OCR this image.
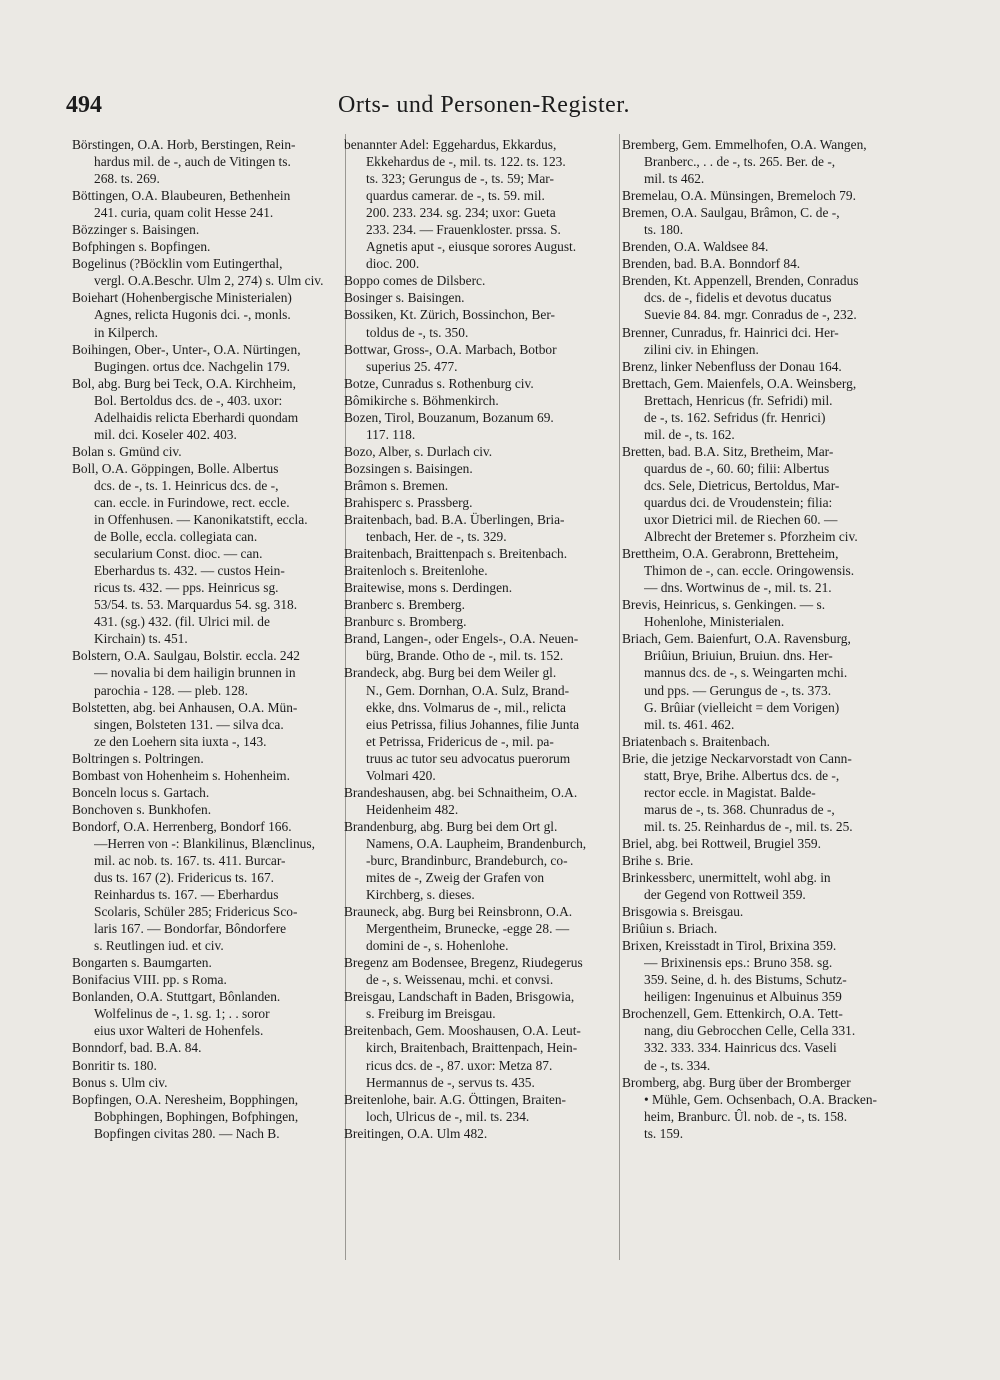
494	Orts- und Personen-Register.
Börstingen, O.A. Horb, Berstingen, Rein-
hardus mil. de -, auch de Vitingen ts.
268. ts. 269.
Böttingen, O.A. Blaubeuren, Bethenhein
241. curia, quam colit Hesse 241.
Bözzinger s. Baisingen.
Bofphingen s. Bopfingen.
Bogelinus (?Böcklin vom Eutingerthal,
vergl. O.A.Beschr. Ulm 2, 274) s. Ulm civ.
Boiehart (Hohenbergische Ministerialen)
Agnes, relicta Hugonis dci. -, monls.
in Kilperch.
Boihingen, Ober-, Unter-, O.A. Nürtingen,
Bugingen. ortus dce. Nachgelin 179.
Bol, abg. Burg bei Teck, O.A. Kirchheim,
Bol. Bertoldus dcs. de -, 403. uxor:
Adelhaidis relicta Eberhardi quondam
mil. dci. Koseler 402. 403.
Bolan s. Gmünd civ.
Boll, O.A. Göppingen, Bolle. Albertus
dcs. de -, ts. 1. Heinricus dcs. de -,
can. eccle. in Furindowe, rect. eccle.
in Offenhusen. — Kanonikatstift, eccla.
de Bolle, eccla. collegiata can.
secularium Const. dioc. — can.
Eberhardus ts. 432. — custos Hein-
ricus ts. 432. — pps. Heinricus sg.
53/54. ts. 53. Marquardus 54. sg. 318.
431. (sg.) 432. (fil. Ulrici mil. de
Kirchain) ts. 451.
Bolstern, O.A. Saulgau, Bolstir. eccla. 242
— novalia bi dem hailigin brunnen in
parochia - 128. — pleb. 128.
Bolstetten, abg. bei Anhausen, O.A. Mün-
singen, Bolsteten 131. — silva dca.
ze den Loehern sita iuxta -, 143.
Boltringen s. Poltringen.
Bombast von Hohenheim s. Hohenheim.
Bonceln locus s. Gartach.
Bonchoven s. Bunkhofen.
Bondorf, O.A. Herrenberg, Bondorf 166.
—Herren von -: Blankilinus, Blænclinus,
mil. ac nob. ts. 167. ts. 411. Burcar-
dus ts. 167 (2). Fridericus ts. 167.
Reinhardus ts. 167. — Eberhardus
Scolaris, Schüler 285; Fridericus Sco-
laris 167. — Bondorfar, Bôndorfere
s. Reutlingen iud. et civ.
Bongarten s. Baumgarten.
Bonifacius VIII. pp. s Roma.
Bonlanden, O.A. Stuttgart, Bônlanden.
Wolfelinus de -, 1. sg. 1; . . soror
eius uxor Walteri de Hohenfels.
Bonndorf, bad. B.A. 84.
Bonritir ts. 180.
Bonus s. Ulm civ.
Bopfingen, O.A. Neresheim, Bopphingen,
Bobphingen, Bophingen, Bofphingen,
Bopfingen civitas 280. — Nach B.
benannter Adel: Eggehardus, Ekkardus,
Ekkehardus de -, mil. ts. 122. ts. 123.
ts. 323; Gerungus de -, ts. 59; Mar-
quardus camerar. de -, ts. 59. mil.
200. 233. 234. sg. 234; uxor: Gueta
233. 234. — Frauenkloster. prssa. S.
Agnetis aput -, eiusque sorores August.
dioc. 200.
Boppo comes de Dilsberc.
Bosinger s. Baisingen.
Bossiken, Kt. Zürich, Bossinchon, Ber-
toldus de -, ts. 350.
Bottwar, Gross-, O.A. Marbach, Botbor
superius 25. 477.
Botze, Cunradus s. Rothenburg civ.
Bômikirche s. Böhmenkirch.
Bozen, Tirol, Bouzanum, Bozanum 69.
117. 118.
Bozo, Alber, s. Durlach civ.
Bozsingen s. Baisingen.
Brâmon s. Bremen.
Brahisperc s. Prassberg.
Braitenbach, bad. B.A. Überlingen, Bria-
tenbach, Her. de -, ts. 329.
Braitenbach, Braittenpach s. Breitenbach.
Braitenloch s. Breitenlohe.
Braitewise, mons s. Derdingen.
Branberc s. Bremberg.
Branburc s. Bromberg.
Brand, Langen-, oder Engels-, O.A. Neuen-
bürg, Brande. Otho de -, mil. ts. 152.
Brandeck, abg. Burg bei dem Weiler gl.
N., Gem. Dornhan, O.A. Sulz, Brand-
ekke, dns. Volmarus de -, mil., relicta
eius Petrissa, filius Johannes, filie Junta
et Petrissa, Fridericus de -, mil. pa-
truus ac tutor seu advocatus puerorum
Volmari 420.
Brandeshausen, abg. bei Schnaitheim, O.A.
Heidenheim 482.
Brandenburg, abg. Burg bei dem Ort gl.
Namens, O.A. Laupheim, Brandenburch,
-burc, Brandinburc, Brandeburch, co-
mites de -, Zweig der Grafen von
Kirchberg, s. dieses.
Brauneck, abg. Burg bei Reinsbronn, O.A.
Mergentheim, Brunecke, -egge 28. —
domini de -, s. Hohenlohe.
Bregenz am Bodensee, Bregenz, Riudegerus
de -, s. Weissenau, mchi. et convsi.
Breisgau, Landschaft in Baden, Brisgowia,
s. Freiburg im Breisgau.
Breitenbach, Gem. Mooshausen, O.A. Leut-
kirch, Braitenbach, Braittenpach, Hein-
ricus dcs. de -, 87. uxor: Metza 87.
Hermannus de -, servus ts. 435.
Breitenlohe, bair. A.G. Öttingen, Braiten-
loch, Ulricus de -, mil. ts. 234.
Breitingen, O.A. Ulm 482.
Bremberg, Gem. Emmelhofen, O.A. Wangen,
Branberc., . . de -, ts. 265. Ber. de -,
mil. ts 462.
Bremelau, O.A. Münsingen, Bremeloch 79.
Bremen, O.A. Saulgau, Brâmon, C. de -,
ts. 180.
Brenden, O.A. Waldsee 84.
Brenden, bad. B.A. Bonndorf 84.
Brenden, Kt. Appenzell, Brenden, Conradus
dcs. de -, fidelis et devotus ducatus
Suevie 84. 84. mgr. Conradus de -, 232.
Brenner, Cunradus, fr. Hainrici dci. Her-
zilini civ. in Ehingen.
Brenz, linker Nebenfluss der Donau 164.
Brettach, Gem. Maienfels, O.A. Weinsberg,
Brettach, Henricus (fr. Sefridi) mil.
de -, ts. 162. Sefridus (fr. Henrici)
mil. de -, ts. 162.
Bretten, bad. B.A. Sitz, Bretheim, Mar-
quardus de -, 60. 60; filii: Albertus
dcs. Sele, Dietricus, Bertoldus, Mar-
quardus dci. de Vroudenstein; filia:
uxor Dietrici mil. de Riechen 60. —
Albrecht der Bretemer s. Pforzheim civ.
Brettheim, O.A. Gerabronn, Bretteheim,
Thimon de -, can. eccle. Oringowensis.
— dns. Wortwinus de -, mil. ts. 21.
Brevis, Heinricus, s. Genkingen. — s.
Hohenlohe, Ministerialen.
Briach, Gem. Baienfurt, O.A. Ravensburg,
Briûiun, Briuiun, Bruiun. dns. Her-
mannus dcs. de -, s. Weingarten mchi.
und pps. — Gerungus de -, ts. 373.
G. Brûiar (vielleicht = dem Vorigen)
mil. ts. 461. 462.
Briatenbach s. Braitenbach.
Brie, die jetzige Neckarvorstadt von Cann-
statt, Brye, Brihe. Albertus dcs. de -,
rector eccle. in Magistat. Balde-
marus de -, ts. 368. Chunradus de -,
mil. ts. 25. Reinhardus de -, mil. ts. 25.
Briel, abg. bei Rottweil, Brugiel 359.
Brihe s. Brie.
Brinkessberc, unermittelt, wohl abg. in
der Gegend von Rottweil 359.
Brisgowia s. Breisgau.
Briûiun s. Briach.
Brixen, Kreisstadt in Tirol, Brixina 359.
— Brixinensis eps.: Bruno 358. sg.
359. Seine, d. h. des Bistums, Schutz-
heiligen: Ingenuinus et Albuinus 359
Brochenzell, Gem. Ettenkirch, O.A. Tett-
nang, diu Gebrocchen Celle, Cella 331.
332. 333. 334. Hainricus dcs. Vaseli
de -, ts. 334.
Bromberg, abg. Burg über der Bromberger
• Mühle, Gem. Ochsenbach, O.A. Bracken-
heim, Branburc. Ûl. nob. de -, ts. 158.
ts. 159.
